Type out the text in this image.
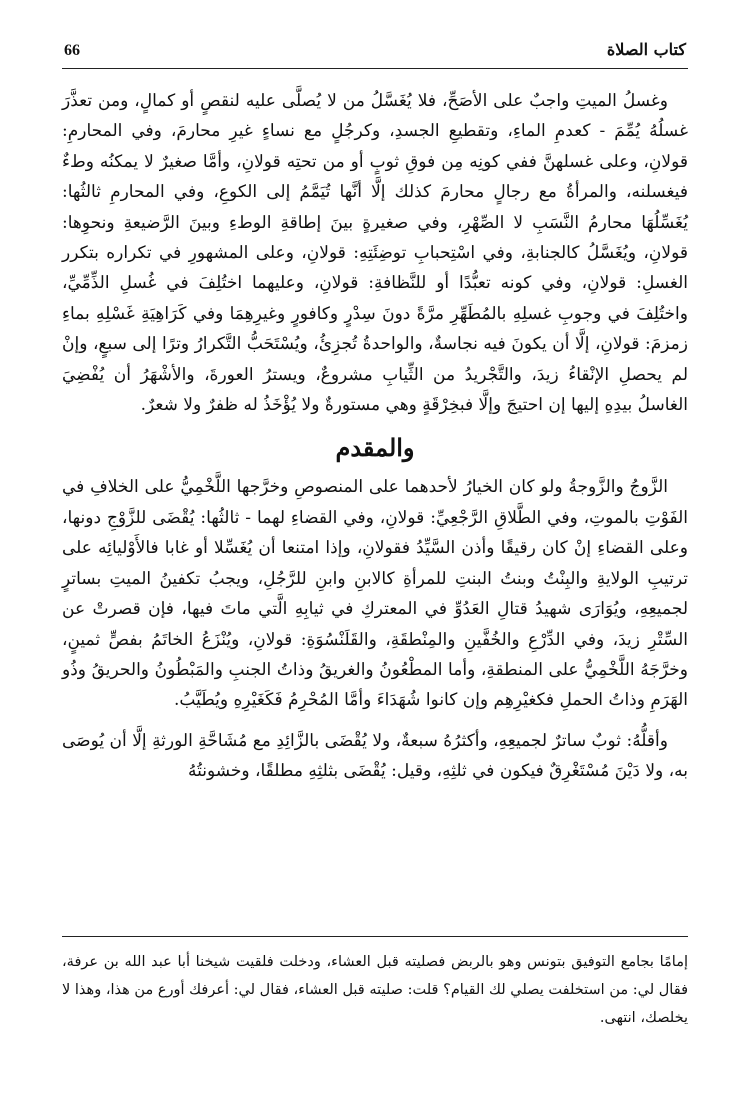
66	كتاب الصلاة

وغسلُ الميتِ واجبٌ على الأصَحِّ، فلا يُغَسَّلُ من لا يُصلَّى عليه لنقصٍ أو كمالٍ، ومن تعذَّرَ غسلُهُ يُمِّمَ - كعدمِ الماءِ، وتقطيعِ الجسدِ، وكرجُلٍ مع نساءٍ غيرِ محارمَ، وفي المحارمِ: قولانِ، وعلى غسلهنَّ ففي كونِه مِن فوقِ ثوبٍ أو من تحتِه قولانِ، وأمَّا صغيرٌ لا يمكنُه وطءٌ فيغسلنه، والمرأةُ مع رجالٍ محارمَ كذلك إلَّا أنَّها تُيَمَّمُ إلى الكوعِ، وفي المحارمِ ثالثُها: يُغَسِّلُهَا محارمُ النَّسَبِ لا الصِّهْرِ، وفي صغيرةٍ بينَ إطاقةِ الوطءِ وبينَ الرَّضيعةِ ونحوِها: قولانِ، ويُغَسَّلُ كالجنابةِ، وفي اسْتِحبابِ توضِئَتِهِ: قولانِ، وعلى المشهورِ في تكراره بتكرر الغسلِ: قولانِ، وفي كونه تعبُّدًا أو للنَّظافةِ: قولانِ، وعليهما اختُلِفَ في غُسلِ الذِّمِّيِّ، واختُلِفَ في وجوبِ غسلِهِ بالمُطَهِّرِ مرَّةً دونَ سِدْرٍ وكافورٍ وغيرِهِمَا وفي كَرَاهِيَةِ غَسْلِهِ بماءِ زمزمَ: قولانِ، إلَّا أن يكونَ فيه نجاسةٌ، والواحدةُ تُجزِئُ، ويُسْتَحَبُّ التَّكرارُ وترًا إلى سبعٍ، وإنْ لم يحصلِ الإنْقاءُ زيدَ، والتَّجْريدُ من الثِّيابِ مشروعٌ، ويسترُ العورةَ، والأشْهَرُ أن يُفْضِيَ الغاسلُ بيدِهِ إليها إن احتيجَ وإلَّا فبخِرْقَةٍ وهي مستورةٌ ولا يُؤْخَذُ له ظفرٌ ولا شعرٌ.

والمقدم

الزَّوجُ والزَّوجةُ ولو كان الخيارُ لأحدهما على المنصوصِ وخرَّجها اللَّخْمِيُّ على الخلافِ في الفَوْتِ بالموتِ، وفي الطَّلاقِ الرَّجْعِيِّ: قولانِ، وفي القضاءِ لهما - ثالثُها: يُقْضَى للزَّوْجِ دونها، وعلى القضاءِ إنْ كان رقيقًا وأذن السَّيِّدُ فقولانِ، وإذا امتنعا أن يُغَسِّلا أو غابا فالأَوْليائِه على ترتيبِ الولايةِ والبِنْتُ وبنتُ البنتِ للمرأةِ كالابنِ وابنِ للرَّجُلِ، ويجبُ تكفينُ الميتِ بساترٍ لجميعِهِ، ويُوَارَى شهيدُ قتالِ العَدُوِّ في المعتركِ في ثيابِهِ الَّتي ماتَ فيها، فإن قصرتْ عن السِّتْرِ زيدَ، وفي الدِّرْعِ والخُفَّينِ والمِنْطقَةِ، والقَلَنْسُوَةِ: قولانِ، ويُنْزَعُ الخاتَمُ بفصٍّ ثمينٍ، وخرَّجَهُ اللَّخْمِيُّ على المنطقةِ، وأما المطْعُونُ والغريقُ وذاتُ الجنبِ والمَبْطُونُ والحريقُ وذُو الهَرَمِ وذاتُ الحملِ فكغيْرِهِم وإن كانوا شُهَدَاءَ وأمَّا المُحْرِمُ فَكَغَيْرِهِ ويُطَيَّبُ.

وأقلُّهُ: ثوبٌ ساترٌ لجميعِهِ، وأكثرُهُ سبعةٌ، ولا يُقْضَى بالزَّائِدِ مع مُشَاحَّةِ الورثةِ إلَّا أن يُوصَى به، ولا دَيْنَ مُسْتَغْرِقٌ فيكون في ثلثِهِ، وقيل: يُقْضَى بثلثِهِ مطلقًا، وخشونتُهُ

إمامًا بجامع التوفيق بتونس وهو بالربض فصليته قبل العشاء، ودخلت فلقيت شيخنا أبا عبد الله بن عرفة، فقال لي: من استخلفت يصلي لك القيام؟ قلت: صليته قبل العشاء، فقال لي: أعرفك أورع من هذا، وهذا لا يخلصك، انتهى.
